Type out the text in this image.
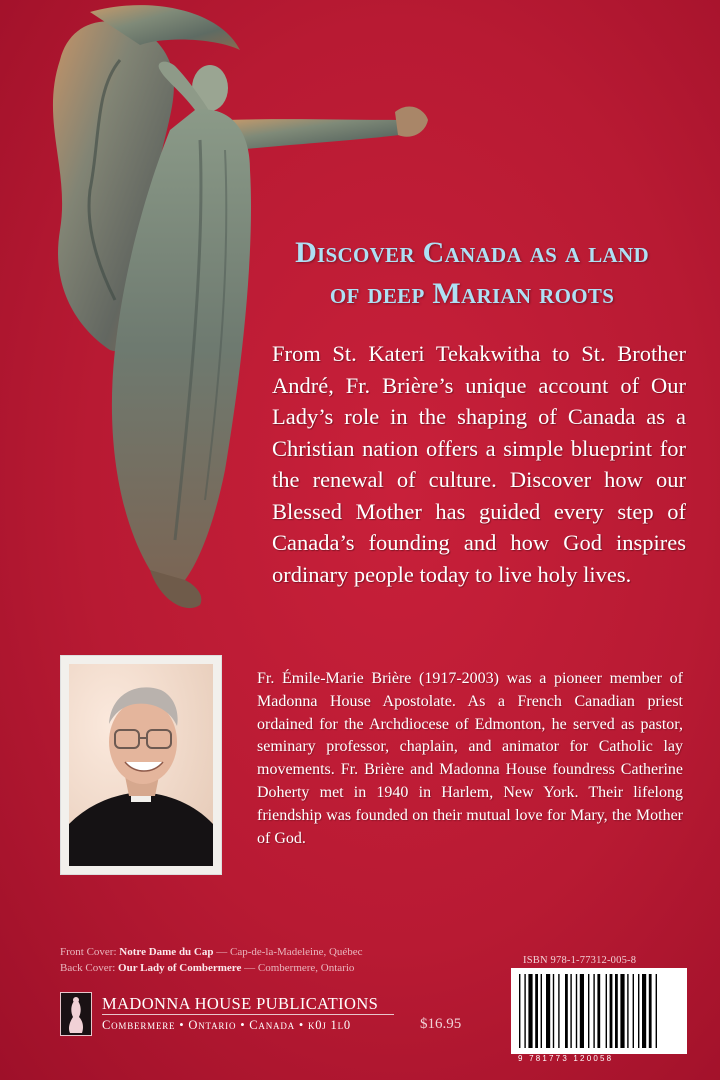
Discover Canada as a land
of deep Marian roots
From St. Kateri Tekakwitha to St. Brother André, Fr. Brière’s unique account of Our Lady’s role in the shaping of Canada as a Christian nation offers a simple blueprint for the renewal of culture. Discover how our Blessed Mother has guided every step of Canada’s founding and how God inspires ordinary people today to live holy lives.
Fr. Émile-Marie Brière (1917-2003) was a pioneer member of Madonna House Apostolate. As a French Canadian priest ordained for the Archdiocese of Edmonton, he served as pastor, seminary professor, chaplain, and animator for Catholic lay movements. Fr. Brière and Madonna House foundress Catherine Doherty met in 1940 in Harlem, New York. Their lifelong friendship was founded on their mutual love for Mary, the Mother of God.
Front Cover: Notre Dame du Cap — Cap-de-la-Madeleine, Québec
Back Cover: Our Lady of Combermere — Combermere, Ontario
MADONNA HOUSE PUBLICATIONS
Combermere • Ontario • Canada • k0j 1l0	$16.95
ISBN 978-1-77312-005-8
9 781773 120058
